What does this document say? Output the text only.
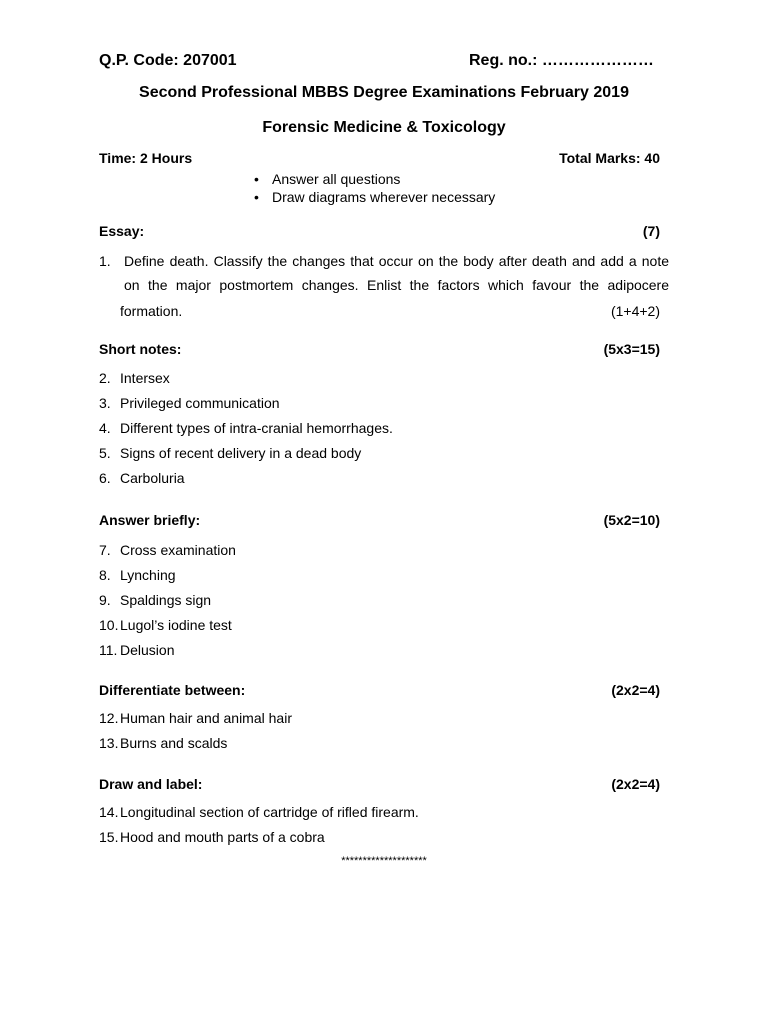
Q.P. Code: 207001	Reg. no.: …………………
Second Professional MBBS Degree Examinations February 2019
Forensic Medicine & Toxicology
Time: 2 Hours	Total Marks: 40
• Answer all questions
• Draw diagrams wherever necessary
Essay:	(7)
1. Define death. Classify the changes that occur on the body after death and add a note
on the major postmortem changes. Enlist the factors which favour the adipocere
formation.	(1+4+2)
Short notes:	(5x3=15)
2. Intersex
3. Privileged communication
4. Different types of intra-cranial hemorrhages.
5. Signs of recent delivery in a dead body
6. Carboluria
Answer briefly:	(5x2=10)
7. Cross examination
8. Lynching
9. Spaldings sign
10. Lugol’s iodine test
11. Delusion
Differentiate between:	(2x2=4)
12. Human hair and animal hair
13. Burns and scalds
Draw and label:	(2x2=4)
14. Longitudinal section of cartridge of rifled firearm.
15. Hood and mouth parts of a cobra
********************
